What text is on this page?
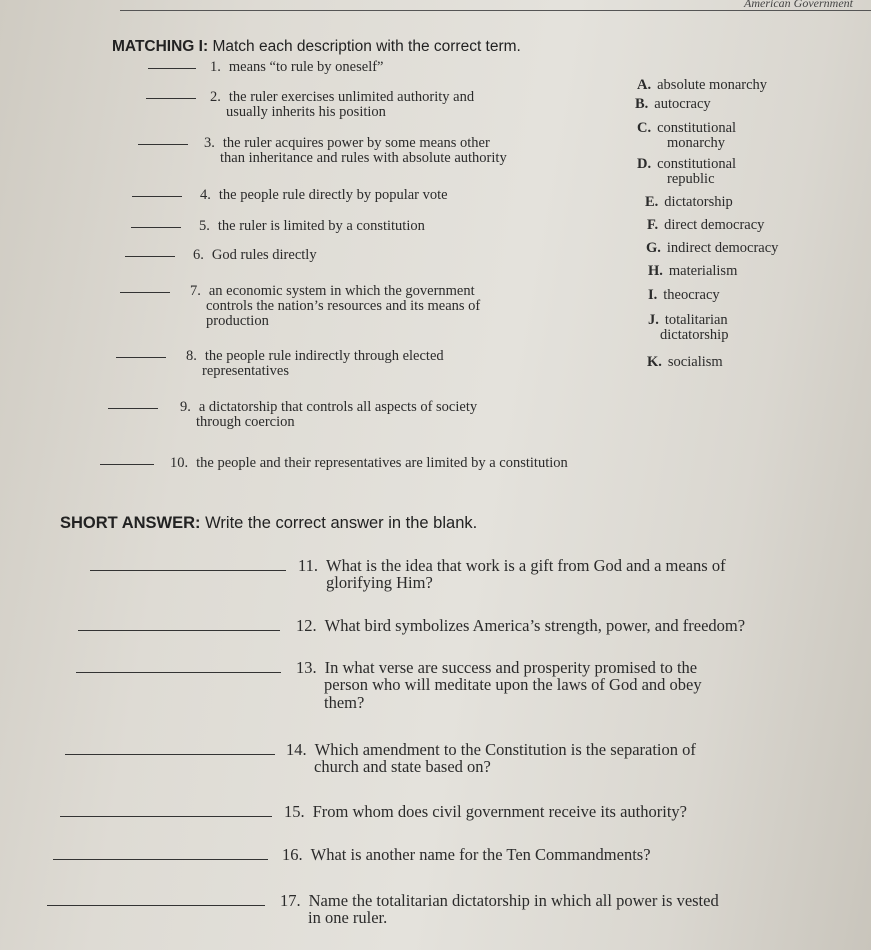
American Government
MATCHING I: Match each description with the correct term.
1. means “to rule by oneself”
2. the ruler exercises unlimited authority and
usually inherits his position
3. the ruler acquires power by some means other
than inheritance and rules with absolute authority
4. the people rule directly by popular vote
5. the ruler is limited by a constitution
6. God rules directly
7. an economic system in which the government
controls the nation’s resources and its means of
production
8. the people rule indirectly through elected
representatives
9. a dictatorship that controls all aspects of society
through coercion
10. the people and their representatives are limited by a constitution
A. absolute monarchy
B. autocracy
C. constitutional
monarchy
D. constitutional
republic
E. dictatorship
F. direct democracy
G. indirect democracy
H. materialism
I. theocracy
J. totalitarian
dictatorship
K. socialism
SHORT ANSWER: Write the correct answer in the blank.
11. What is the idea that work is a gift from God and a means of
glorifying Him?
12. What bird symbolizes America’s strength, power, and freedom?
13. In what verse are success and prosperity promised to the
person who will meditate upon the laws of God and obey
them?
14. Which amendment to the Constitution is the separation of
church and state based on?
15. From whom does civil government receive its authority?
16. What is another name for the Ten Commandments?
17. Name the totalitarian dictatorship in which all power is vested
in one ruler.
